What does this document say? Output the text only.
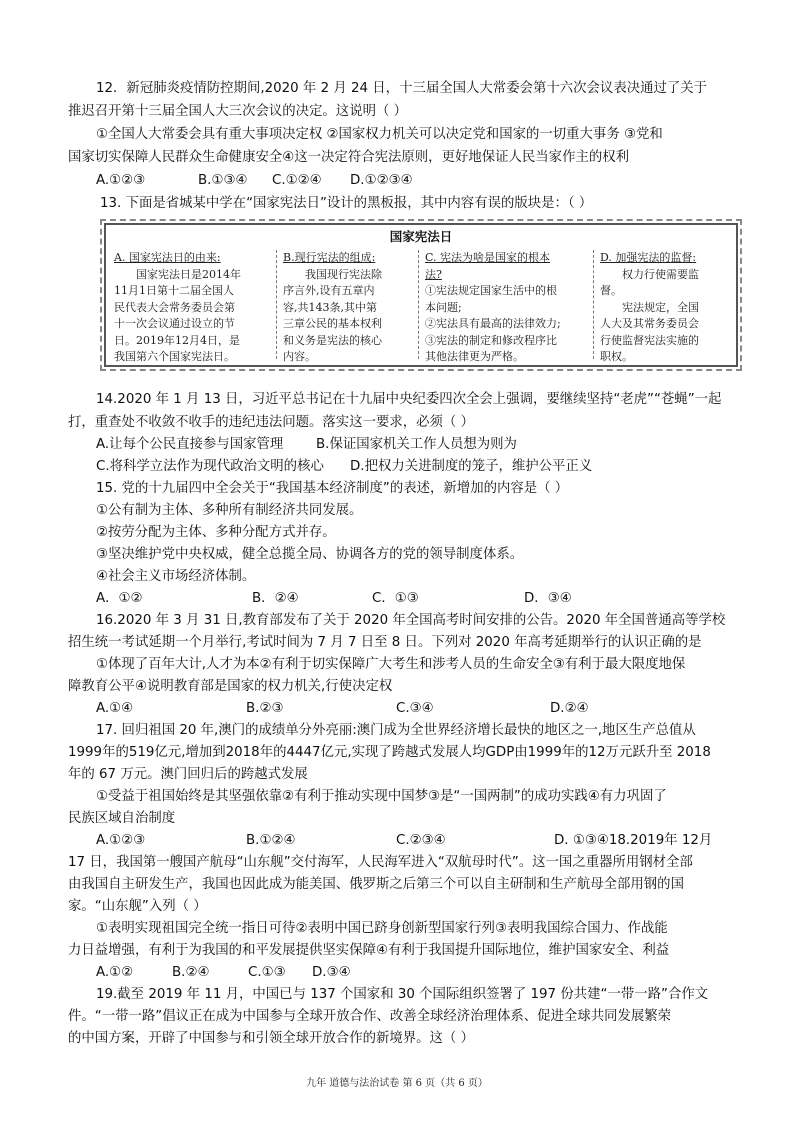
12．新冠肺炎疫情防控期间,2020 年 2 月 24 日，十三届全国人大常委会第十六次会议表决通过了关于
推迟召开第十三届全国人大三次会议的决定。这说明（ ）
①全国人大常委会具有重大事项决定权 ②国家权力机关可以决定党和国家的一切重大事务 ③党和
国家切实保障人民群众生命健康安全④这一决定符合宪法原则，更好地保证人民当家作主的权利
A.①②③	B.①③④ C.①②④ D.①②③④
13. 下面是省城某中学在“国家宪法日”设计的黑板报，其中内容有误的版块是：（ ）
国家宪法日
A. 国家宪法日的由来:
国家宪法日是2014年
11月1日第十二届全国人
民代表大会常务委员会第
十一次会议通过设立的节
日。2019年12月4日，是
我国第六个国家宪法日。
B.现行宪法的组成:
我国现行宪法除
序言外,设有五章内
容,共143条,其中第
三章公民的基本权利
和义务是宪法的核心
内容。
C. 宪法为啥是国家的根本
法?
①宪法规定国家生活中的根
本问题;
②宪法具有最高的法律效力;
③宪法的制定和修改程序比
其他法律更为严格。
D. 加强宪法的监督:
权力行使需要监
督。
宪法规定，全国
人大及其常务委员会
行使监督宪法实施的
职权。
14.2020 年 1 月 13 日，习近平总书记在十九届中央纪委四次全会上强调，要继续坚持“老虎”“苍蝇”一起
打，重查处不收敛不收手的违纪违法问题。落实这一要求，必须（ ）
A.让每个公民直接参与国家管理 B.保证国家机关工作人员想为则为
C.将科学立法作为现代政治文明的核心 D.把权力关进制度的笼子，维护公平正义
15. 党的十九届四中全会关于“我国基本经济制度”的表述，新增加的内容是（ ）
①公有制为主体、多种所有制经济共同发展。
②按劳分配为主体、多种分配方式并存。
③坚决维护党中央权威，健全总揽全局、协调各方的党的领导制度体系。
④社会主义市场经济体制。
A．①②	B．②④	C．①③	D．③④
16.2020 年 3 月 31 日,教育部发布了关于 2020 年全国高考时间安排的公告。2020 年全国普通高等学校
招生统一考试延期一个月举行,考试时间为 7 月 7 日至 8 日。下列对 2020 年高考延期举行的认识正确的是
①体现了百年大计,人才为本②有利于切实保障广大考生和涉考人员的生命安全③有利于最大限度地保
障教育公平④说明教育部是国家的权力机关,行使决定权
A.①④	B.②③	C.③④	D.②④
17. 回归祖国 20 年,澳门的成绩单分外亮丽:澳门成为全世界经济增长最快的地区之一,地区生产总值从
1999年的519亿元,增加到2018年的4447亿元,实现了跨越式发展人均GDP由1999年的12万元跃升至 2018
年的 67 万元。澳门回归后的跨越式发展
①受益于祖国始终是其坚强依靠②有利于推动实现中国梦③是“一国两制”的成功实践④有力巩固了
民族区域自治制度
A.①②③	B.①②④	C.②③④	D. ①③④18.2019年 12月
17 日，我国第一艘国产航母“山东舰”交付海军，人民海军进入“双航母时代”。这一国之重器所用钢材全部
由我国自主研发生产，我国也因此成为能美国、俄罗斯之后第三个可以自主研制和生产航母全部用钢的国
家。“山东舰”入列（ ）
①表明实现祖国完全统一指日可待②表明中国已跻身创新型国家行列③表明我国综合国力、作战能
力日益增强，有利于为我国的和平发展提供坚实保障④有利于我国提升国际地位，维护国家安全、利益
A.①②	B.②④	C.①③ D.③④
19.截至 2019 年 11 月，中国已与 137 个国家和 30 个国际组织签署了 197 份共建“一带一路”合作文
件。“一带一路”倡议正在成为中国参与全球开放合作、改善全球经济治理体系、促进全球共同发展繁荣
的中国方案，开辟了中国参与和引领全球开放合作的新境界。这（ ）
九年 道德与法治试卷 第 6 页（共 6 页）
